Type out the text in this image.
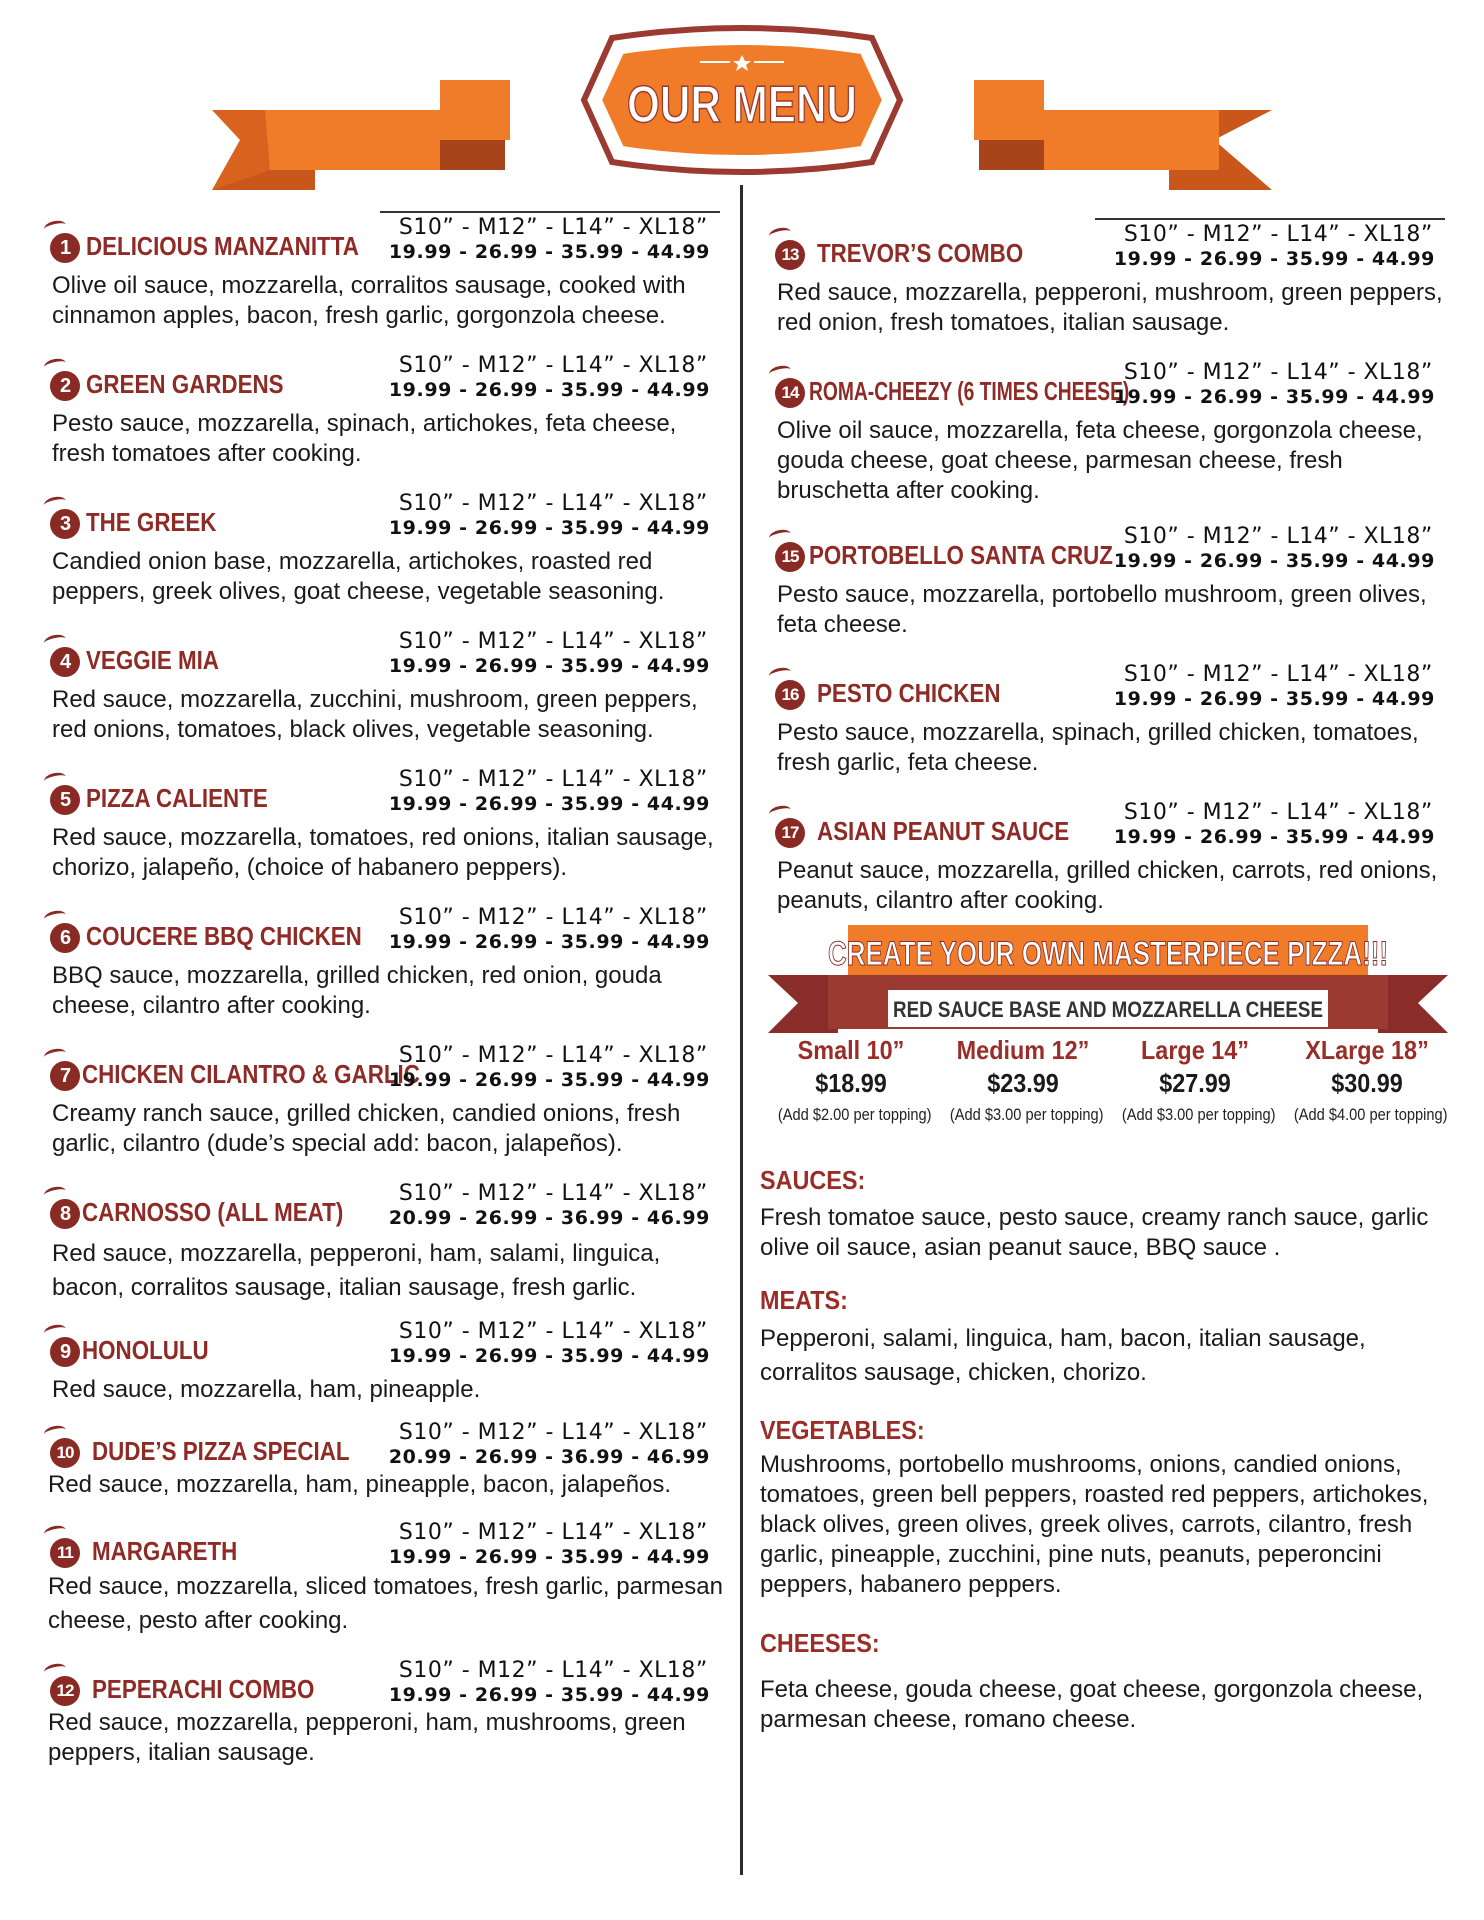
OUR MENU
1 DELICIOUS MANZANITTA
S10” - M12” - L14” - XL18”
19.99 - 26.99 - 35.99 - 44.99
Olive oil sauce, mozzarella, corralitos sausage, cooked with cinnamon apples, bacon, fresh garlic, gorgonzola cheese.
2 GREEN GARDENS
S10” - M12” - L14” - XL18”
19.99 - 26.99 - 35.99 - 44.99
Pesto sauce, mozzarella, spinach, artichokes, feta cheese, fresh tomatoes after cooking.
3 THE GREEK
S10” - M12” - L14” - XL18”
19.99 - 26.99 - 35.99 - 44.99
Candied onion base, mozzarella, artichokes, roasted red peppers, greek olives, goat cheese, vegetable seasoning.
4 VEGGIE MIA
S10” - M12” - L14” - XL18”
19.99 - 26.99 - 35.99 - 44.99
Red sauce, mozzarella, zucchini, mushroom, green peppers, red onions, tomatoes, black olives, vegetable seasoning.
5 PIZZA CALIENTE
S10” - M12” - L14” - XL18”
19.99 - 26.99 - 35.99 - 44.99
Red sauce, mozzarella, tomatoes, red onions, italian sausage, chorizo, jalapeño, (choice of habanero peppers).
6 COUCERE BBQ CHICKEN
S10” - M12” - L14” - XL18”
19.99 - 26.99 - 35.99 - 44.99
BBQ sauce, mozzarella, grilled chicken, red onion, gouda cheese, cilantro after cooking.
7 CHICKEN CILANTRO & GARLIC
S10” - M12” - L14” - XL18”
19.99 - 26.99 - 35.99 - 44.99
Creamy ranch sauce, grilled chicken, candied onions, fresh garlic, cilantro (dude’s special add: bacon, jalapeños).
8 CARNOSSO (ALL MEAT)
S10” - M12” - L14” - XL18”
20.99 - 26.99 - 36.99 - 46.99
Red sauce, mozzarella, pepperoni, ham, salami, linguica, bacon, corralitos sausage, italian sausage, fresh garlic.
9 HONOLULU
S10” - M12” - L14” - XL18”
19.99 - 26.99 - 35.99 - 44.99
Red sauce, mozzarella, ham, pineapple.
10 DUDE’S PIZZA SPECIAL
S10” - M12” - L14” - XL18”
20.99 - 26.99 - 36.99 - 46.99
Red sauce, mozzarella, ham, pineapple, bacon, jalapeños.
11 MARGARETH
S10” - M12” - L14” - XL18”
19.99 - 26.99 - 35.99 - 44.99
Red sauce, mozzarella, sliced tomatoes, fresh garlic, parmesan cheese, pesto after cooking.
12 PEPERACHI COMBO
S10” - M12” - L14” - XL18”
19.99 - 26.99 - 35.99 - 44.99
Red sauce, mozzarella, pepperoni, ham, mushrooms, green peppers, italian sausage.
13 TREVOR’S COMBO
S10” - M12” - L14” - XL18”
19.99 - 26.99 - 35.99 - 44.99
Red sauce, mozzarella, pepperoni, mushroom, green peppers, red onion, fresh tomatoes, italian sausage.
14 ROMA-CHEEZY (6 TIMES CHEESE)
S10” - M12” - L14” - XL18”
19.99 - 26.99 - 35.99 - 44.99
Olive oil sauce, mozzarella, feta cheese, gorgonzola cheese, gouda cheese, goat cheese, parmesan cheese, fresh bruschetta after cooking.
15 PORTOBELLO SANTA CRUZ
S10” - M12” - L14” - XL18”
19.99 - 26.99 - 35.99 - 44.99
Pesto sauce, mozzarella, portobello mushroom, green olives, feta cheese.
16 PESTO CHICKEN
S10” - M12” - L14” - XL18”
19.99 - 26.99 - 35.99 - 44.99
Pesto sauce, mozzarella, spinach, grilled chicken, tomatoes, fresh garlic, feta cheese.
17 ASIAN PEANUT SAUCE
S10” - M12” - L14” - XL18”
19.99 - 26.99 - 35.99 - 44.99
Peanut sauce, mozzarella, grilled chicken, carrots, red onions, peanuts, cilantro after cooking.
CREATE YOUR OWN MASTERPIECE PIZZA!!!
RED SAUCE BASE AND MOZZARELLA CHEESE
Small 10”
$18.99
(Add $2.00 per topping)
Medium 12”
$23.99
(Add $3.00 per topping)
Large 14”
$27.99
(Add $3.00 per topping)
XLarge 18”
$30.99
(Add $4.00 per topping)
SAUCES:
Fresh tomatoe sauce, pesto sauce, creamy ranch sauce, garlic olive oil sauce, asian peanut sauce, BBQ sauce .
MEATS:
Pepperoni, salami, linguica, ham, bacon, italian sausage, corralitos sausage, chicken, chorizo.
VEGETABLES:
Mushrooms, portobello mushrooms, onions, candied onions, tomatoes, green bell peppers, roasted red peppers, artichokes, black olives, green olives, greek olives, carrots, cilantro, fresh garlic, pineapple, zucchini, pine nuts, peanuts, peperoncini peppers, habanero peppers.
CHEESES:
Feta cheese, gouda cheese, goat cheese, gorgonzola cheese, parmesan cheese, romano cheese.
